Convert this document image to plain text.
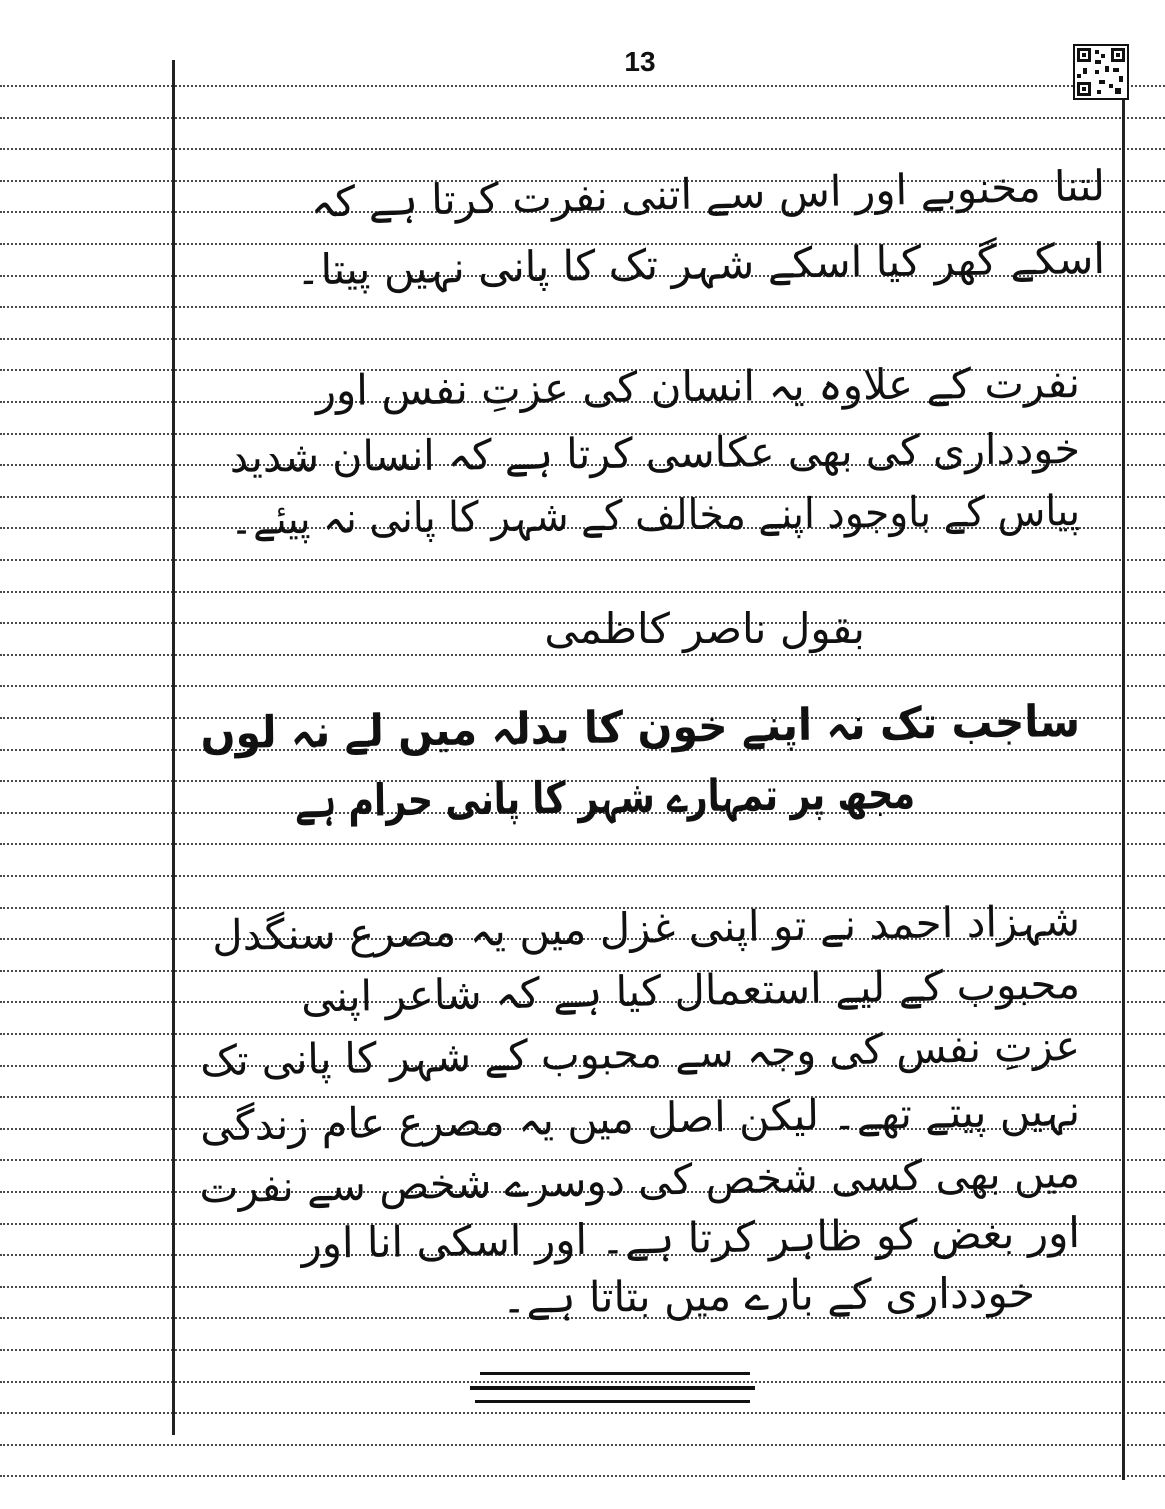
13
لتنا مخنوبے اور اس سے اتنی نفرت کرتا ہے کہ
اسکے گھر کیا اسکے شہر تک کا پانی نہیں پیتا۔
نفرت کے علاوہ یہ انسان کی عزتِ نفس اور
خودداری کی بھی عکاسی کرتا ہے کہ انسان شدید
پیاس کے باوجود اپنے مخالف کے شہر کا پانی نہ پیئے۔
بقول ناصر کاظمی
ساجب تک نہ اپنے خون کا بدلہ میں لے نہ لوں
مجھ پر تمہارے شہر کا پانی حرام ہے
شہزاد احمد نے تو اپنی غزل میں یہ مصرع سنگدل
محبوب کے لیے استعمال کیا ہے کہ شاعر اپنی
عزتِ نفس کی وجہ سے محبوب کے شہر کا پانی تک
نہیں پیتے تھے۔ لیکن اصل میں یہ مصرع عام زندگی
میں بھی کسی شخص کی دوسرے شخص سے نفرت
اور بغض کو ظاہر کرتا ہے۔ اور اسکی انا اور
خودداری کے بارے میں بتاتا ہے۔
